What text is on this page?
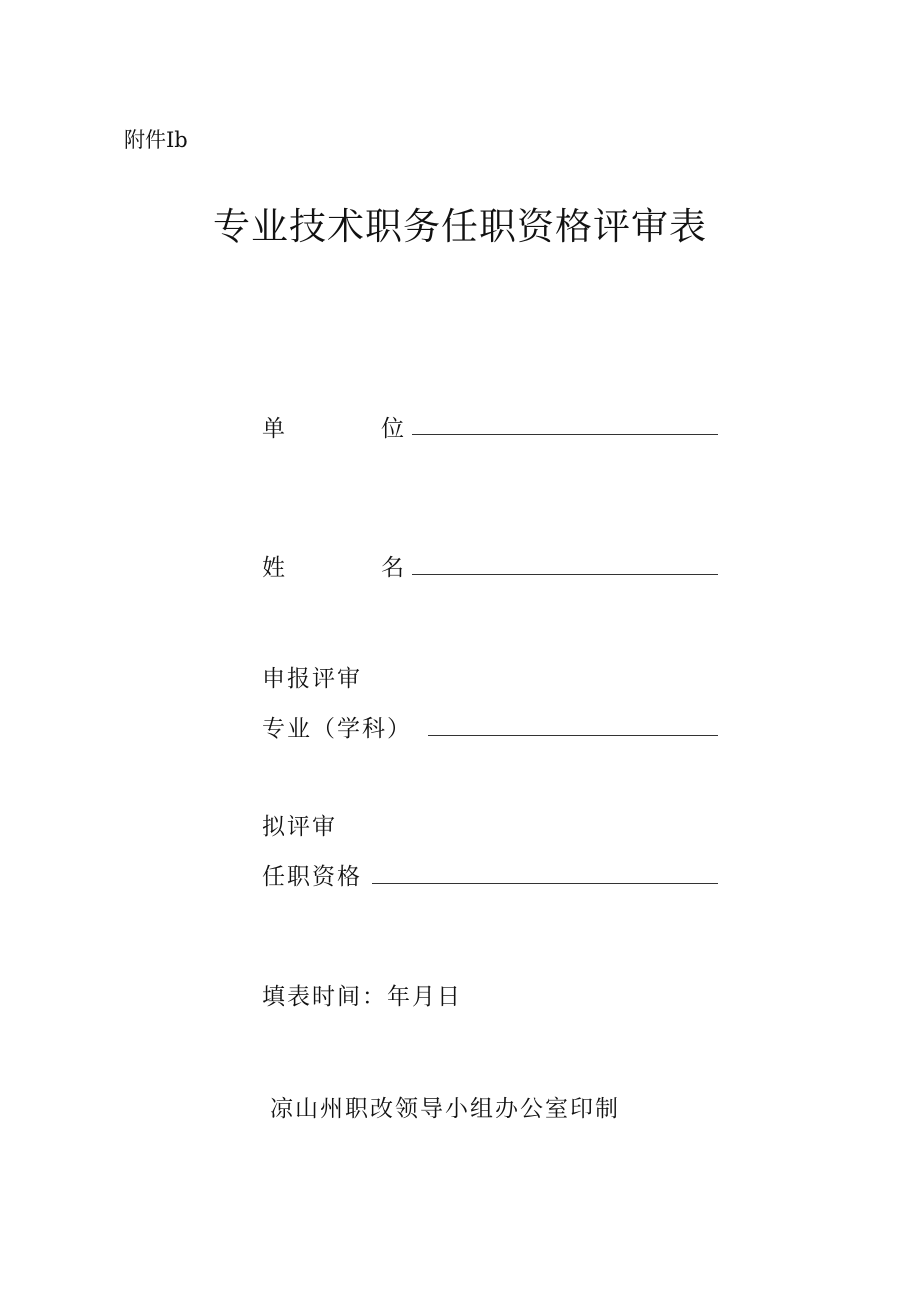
附件Ib
专业技术职务任职资格评审表
单	位
姓	名
申报评审
专业（学科）
拟评审
任职资格
填表时间：年月日
凉山州职改领导小组办公室印制
